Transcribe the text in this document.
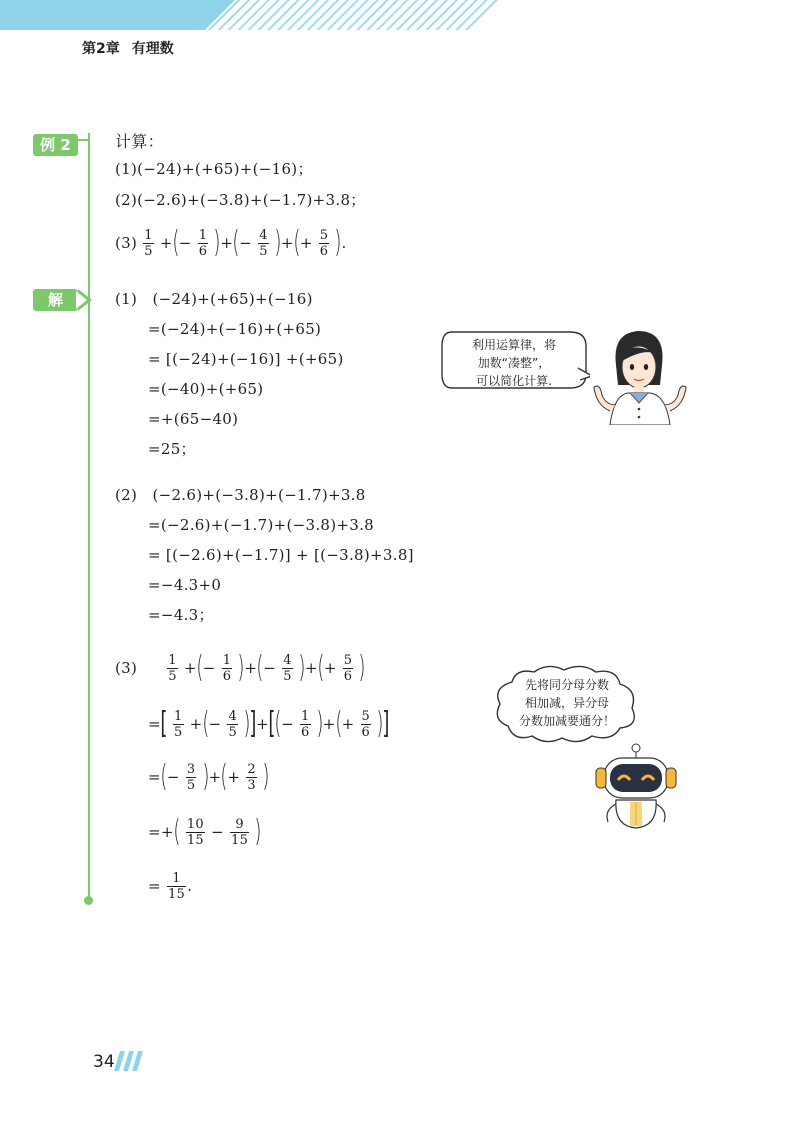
第2章 有理数
例 2
解
计算：
(1)(−24)+(+65)+(−16)；
(2)(−2.6)+(−3.8)+(−1.7)+3.8；
$(3) \frac{1}{5}$ +(− $\frac{1}{6}$ )+(− $\frac{4}{5}$ )+(+ $\frac{5}{6}$ ).
(1)　(−24)+(+65)+(−16)
=(−24)+(−16)+(+65)
= [(−24)+(−16)] +(+65)
=(−40)+(+65)
=+(65−40)
=25；
(2)　(−2.6)+(−3.8)+(−1.7)+3.8
=(−2.6)+(−1.7)+(−3.8)+3.8
= [(−2.6)+(−1.7)] + [(−3.8)+3.8]
=−4.3+0
=−4.3；
$(3) \frac{1}{5}$ +(− $\frac{1}{6}$ )+(− $\frac{4}{5}$ )+(+ $\frac{5}{6}$ )
=[ $\frac{1}{5}$ +(− $\frac{4}{5}$ )]+[(− $\frac{1}{6}$ )+(+ $\frac{5}{6}$ )]
=(− $\frac{3}{5}$ )+(+ $\frac{2}{3}$ )
=+( $\frac{10}{15} - \frac{9}{15}$ )
= $\frac{1}{15}$ .
利用运算律，将
加数“凑整”，
可以简化计算.
先将同分母分数
相加减，异分母
分数加减要通分！
34
